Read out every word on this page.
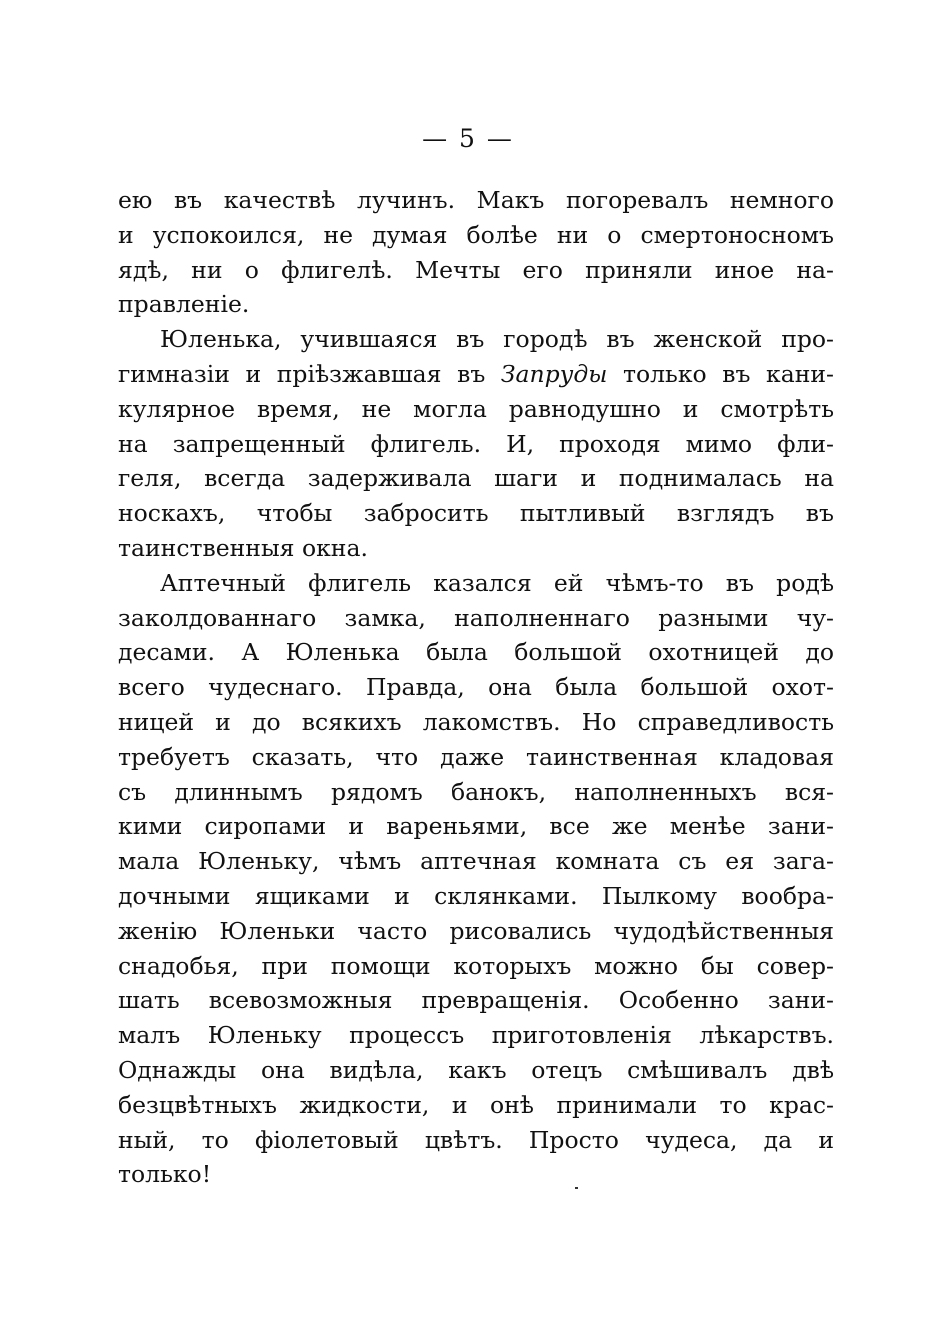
— 5 —
ею въ качествѣ лучинъ. Макъ погоревалъ немного
и успокоился, не думая болѣе ни о смертоносномъ
ядѣ, ни о флигелѣ. Мечты его приняли иное на-
правленіе.
Юленька, учившаяся въ городѣ въ женской про-
гимназіи и пріѣзжавшая въ Запруды только въ кани-
кулярное время, не могла равнодушно и смотрѣть
на запрещенный флигель. И, проходя мимо фли-
геля, всегда задерживала шаги и поднималась на
носкахъ, чтобы забросить пытливый взглядъ въ
таинственныя окна.
Аптечный флигель казался ей чѣмъ-то въ родѣ
заколдованнаго замка, наполненнаго разными чу-
десами. А Юленька была большой охотницей до
всего чудеснаго. Правда, она была большой охот-
ницей и до всякихъ лакомствъ. Но справедливость
требуетъ сказать, что даже таинственная кладовая
съ длиннымъ рядомъ банокъ, наполненныхъ вся-
кими сиропами и вареньями, все же менѣе зани-
мала Юленьку, чѣмъ аптечная комната съ ея зага-
дочными ящиками и склянками. Пылкому вообра-
женію Юленьки часто рисовались чудодѣйственныя
снадобья, при помощи которыхъ можно бы совер-
шать всевозможныя превращенія. Особенно зани-
малъ Юленьку процессъ приготовленія лѣкарствъ.
Однажды она видѣла, какъ отецъ смѣшивалъ двѣ
безцвѣтныхъ жидкости, и онѣ принимали то крас-
ный, то фіолетовый цвѣтъ. Просто чудеса, да и
только!
